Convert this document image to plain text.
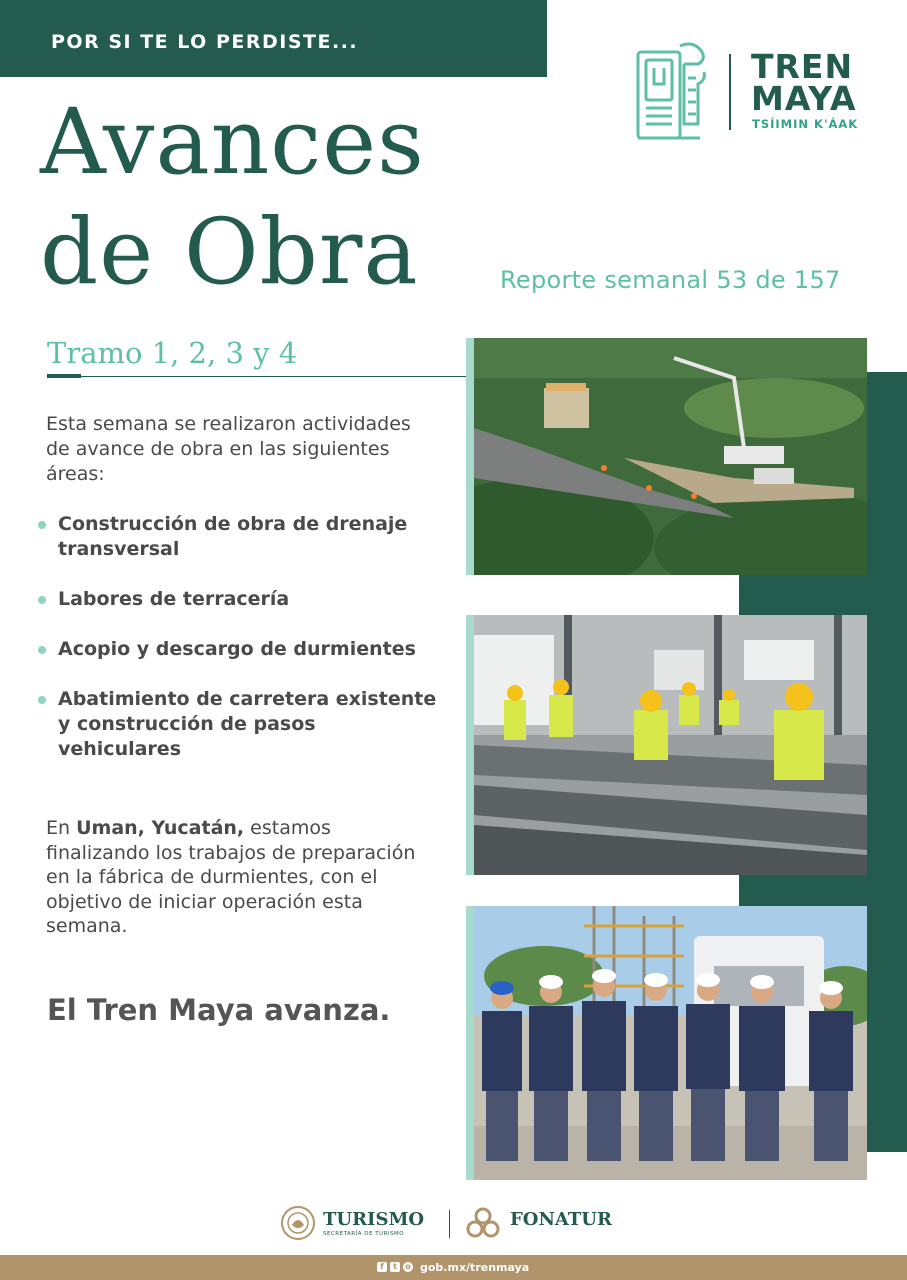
POR SI TE LO PERDISTE...
TREN
MAYA
TSÍIMIN K'ÁAK
Avances
de Obra	Reporte semanal 53 de 157
Tramo 1, 2, 3 y 4
Esta semana se realizaron actividades de avance de obra en las siguientes áreas:
Construcción de obra de drenaje transversal
Labores de terracería
Acopio y descargo de durmientes
Abatimiento de carretera existente y construcción de pasos vehiculares
En Uman, Yucatán, estamos finalizando los trabajos de preparación en la fábrica de durmientes, con el objetivo de iniciar operación esta semana.
El Tren Maya avanza.
TURISMO
SECRETARÍA DE TURISMO
FONATUR
f	t	o gob.mx/trenmaya
